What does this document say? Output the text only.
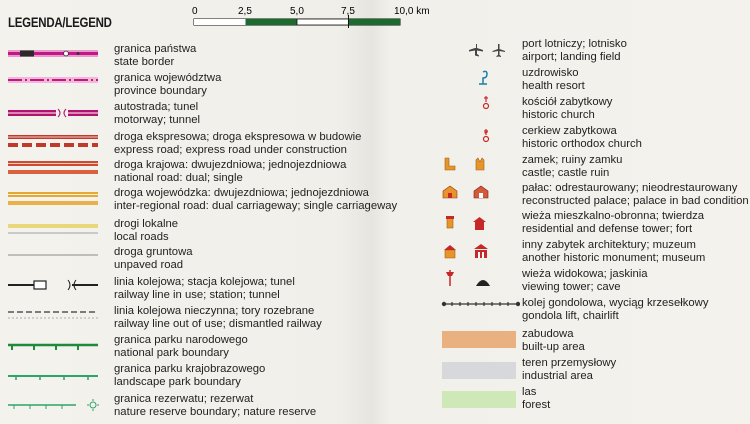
LEGENDA/LEGEND
0	2,5	5,0	7,5	10,0 km
granica państwa
state border
granica województwa
province boundary
autostrada; tunel
motorway; tunnel
droga ekspresowa; droga ekspresowa w budowie
express road; express road under construction
droga krajowa: dwujezdniowa; jednojezdniowa
national road: dual; single
droga wojewódzka: dwujezdniowa; jednojezdniowa
inter-regional road: dual carriageway; single carriageway
drogi lokalne
local roads
droga gruntowa
unpaved road
linia kolejowa; stacja kolejowa; tunel
railway line in use; station; tunnel
linia kolejowa nieczynna; tory rozebrane
railway line out of use; dismantled railway
granica parku narodowego
national park boundary
granica parku krajobrazowego
landscape park boundary
granica rezerwatu; rezerwat
nature reserve boundary; nature reserve
port lotniczy; lotnisko
airport; landing field
uzdrowisko
health resort
kościół zabytkowy
historic church
cerkiew zabytkowa
historic orthodox church
zamek; ruiny zamku
castle; castle ruin
pałac: odrestaurowany; nieodrestaurowany
reconstructed palace; palace in bad condition
wieża mieszkalno-obronna; twierdza
residential and defense tower; fort
inny zabytek architektury; muzeum
another historic monument; museum
wieża widokowa; jaskinia
viewing tower; cave
kolej gondolowa, wyciąg krzesełkowy
gondola lift, chairlift
zabudowa
built-up area
teren przemysłowy
industrial area
las
forest
